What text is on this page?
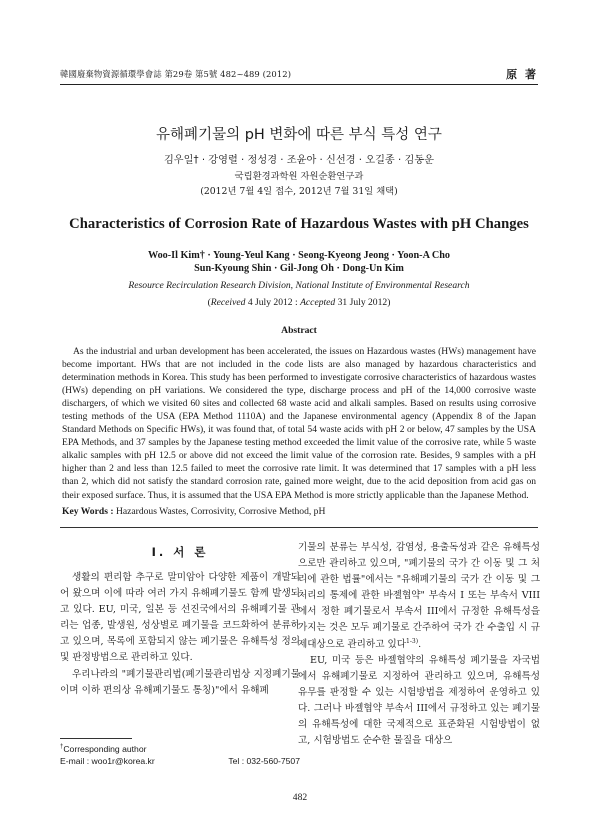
韓國廢棄物資源循環學會誌 第29卷 第5號 482~489 (2012)	原 著
유해폐기물의 pH 변화에 따른 부식 특성 연구
김우일† · 강영렬 · 정성경 · 조윤아 · 신선경 · 오길종 · 김동운
국립환경과학원 자원순환연구과
(2012년 7월 4일 접수, 2012년 7월 31일 채택)
Characteristics of Corrosion Rate of Hazardous Wastes with pH Changes
Woo-Il Kim† · Young-Yeul Kang · Seong-Kyeong Jeong · Yoon-A Cho
Sun-Kyoung Shin · Gil-Jong Oh · Dong-Un Kim
Resource Recirculation Research Division, National Institute of Environmental Research
(Received 4 July 2012 : Accepted 31 July 2012)
Abstract

As the industrial and urban development has been accelerated, the issues on Hazardous wastes (HWs) management have become important. HWs that are not included in the code lists are also managed by hazardous characteristics and determination methods in Korea. This study has been performed to investigate corrosive characteristics of hazardous wastes (HWs) depending on pH variations. We considered the type, discharge process and pH of the 14,000 corrosive waste dischargers, of which we visited 60 sites and collected 68 waste acid and alkali samples. Based on results using corrosive testing methods of the USA (EPA Method 1110A) and the Japanese environmental agency (Appendix 8 of the Japan Standard Methods on Specific HWs), it was found that, of total 54 waste acids with pH 2 or below, 47 samples by the USA EPA Methods, and 37 samples by the Japanese testing method exceeded the limit value of the corrosive rate, while 5 waste alkalic samples with pH 12.5 or above did not exceed the limit value of the corrosion rate. Besides, 9 samples with a pH higher than 2 and less than 12.5 failed to meet the corrosive rate limit. It was determined that 17 samples with a pH less than 2, which did not satisfy the standard corrosion rate, gained more weight, due to the acid deposition from acid gas on their exposed surface. Thus, it is assumed that the USA EPA Method is more strictly applicable than the Japanese Method.

Key Words : Hazardous Wastes, Corrosivity, Corrosive Method, pH
I. 서 론

생활의 편리함 추구로 말미암아 다양한 제품이 개발되어 왔으며 이에 따라 여러 가지 유해폐기물도 함께 발생되고 있다. EU, 미국, 일본 등 선진국에서의 유해폐기물 관리는 업종, 발생원, 성상별로 폐기물을 코드화하여 분류하고 있으며, 목록에 포함되지 않는 폐기물은 유해특성 정의 및 판정방법으로 관리하고 있다.

우리나라의 "폐기물관리법(폐기물관리법상 지정폐기물이며 이하 편의상 유해폐기물도 통칭)"에서 유해폐

기물의 분류는 부식성, 감염성, 용출독성과 같은 유해특성으로만 관리하고 있으며, "폐기물의 국가 간 이동 및 그 처리에 관한 법률"에서는 "유해폐기물의 국가 간 이동 및 그 처리의 통제에 관한 바젤협약" 부속서 I 또는 부속서 VIII에서 정한 폐기물로서 부속서 III에서 규정한 유해특성을 가지는 것은 모두 폐기물로 간주하여 국가 간 수출입 시 규제대상으로 관리하고 있다$^{1-3)}$.

EU, 미국 등은 바젤협약의 유해특성 폐기물을 자국법에서 유해폐기물로 지정하여 관리하고 있으며, 유해특성 유무를 판정할 수 있는 시험방법을 제정하여 운영하고 있다. 그러나 바젤협약 부속서 III에서 규정하고 있는 폐기물의 유해특성에 대한 국제적으로 표준화된 시험방법이 없고, 시험방법도 순수한 물질을 대상으

†Corresponding author
E-mail : woo1r@korea.kr	Tel : 032-560-7507
482
